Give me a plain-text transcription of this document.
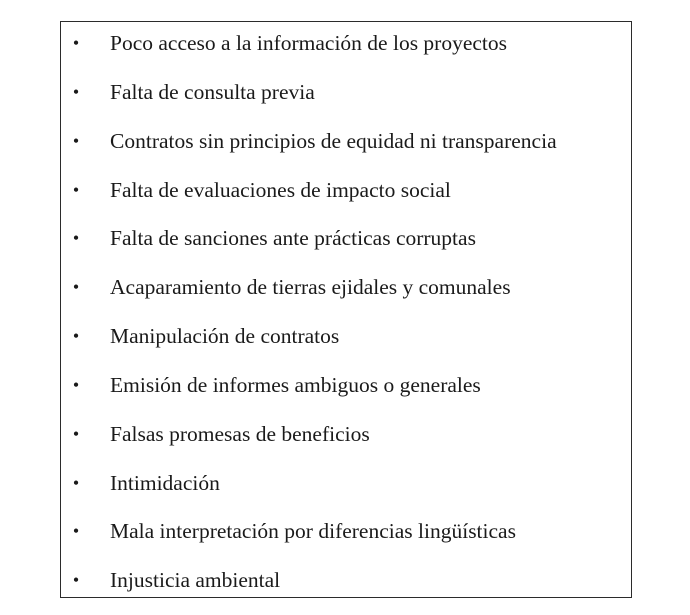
• Poco acceso a la información de los proyectos
• Falta de consulta previa
• Contratos sin principios de equidad ni transparencia
• Falta de evaluaciones de impacto social
• Falta de sanciones ante prácticas corruptas
• Acaparamiento de tierras ejidales y comunales
• Manipulación de contratos
• Emisión de informes ambiguos o generales
• Falsas promesas de beneficios
• Intimidación
• Mala interpretación por diferencias lingüísticas
• Injusticia ambiental
